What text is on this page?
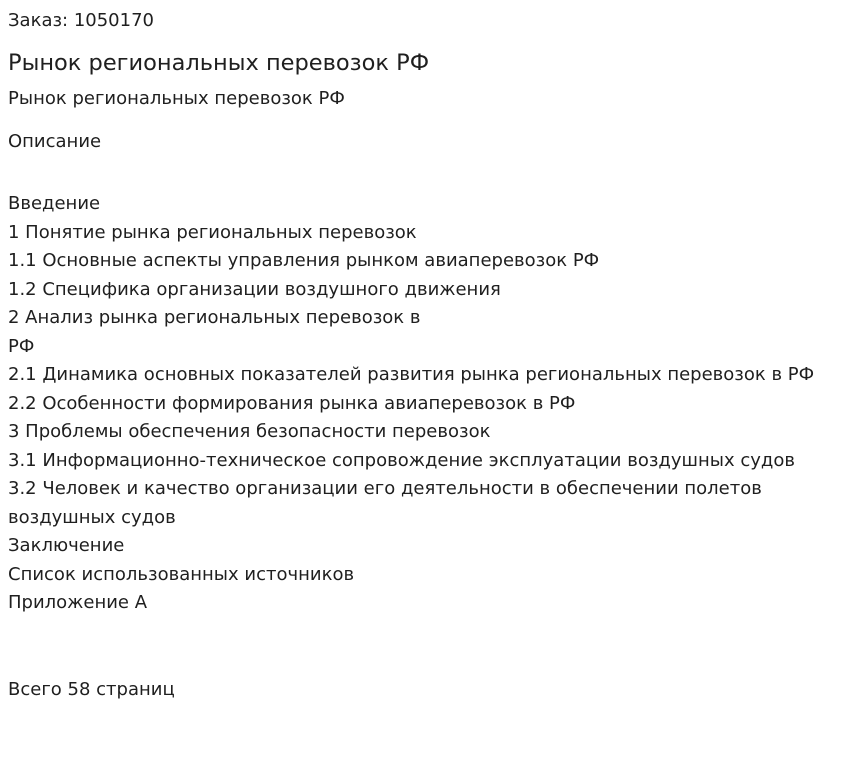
Заказ: 1050170
Рынок региональных перевозок РФ
Рынок региональных перевозок РФ
Описание
Введение
1 Понятие рынка региональных перевозок
1.1 Основные аспекты управления рынком авиаперевозок РФ
1.2 Специфика организации воздушного движения
2 Анализ рынка региональных перевозок в
РФ
2.1 Динамика основных показателей развития рынка региональных перевозок в РФ
2.2 Особенности формирования рынка авиаперевозок в РФ
3 Проблемы обеспечения безопасности перевозок
3.1 Информационно-техническое сопровождение эксплуатации воздушных судов
3.2 Человек и качество организации его деятельности в обеспечении полетов воздушных судов
Заключение
Список использованных источников
Приложение А
Всего 58 страниц
